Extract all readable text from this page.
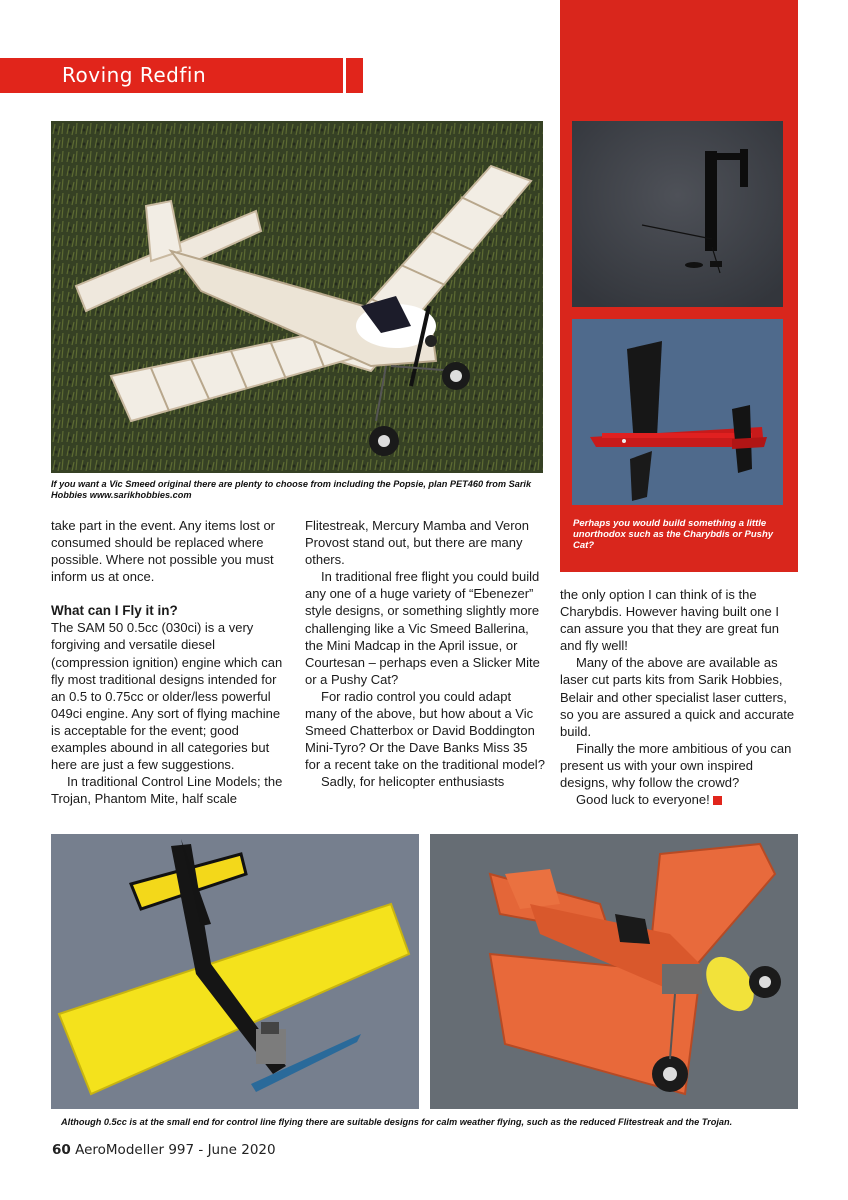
Roving Redfin
Perhaps you would build something a little unorthodox such as the Charybdis or Pushy Cat?
If you want a Vic Smeed original there are plenty to choose from including the Popsie, plan PET460 from Sarik Hobbies www.sarikhobbies.com

take part in the event. Any items lost or consumed should be replaced where possible. Where not possible you must inform us at once.

What can I Fly it in?

The SAM 50 0.5cc (030ci) is a very forgiving and versatile diesel (compression ignition) engine which can fly most traditional designs intended for an 0.5 to 0.75cc or older/less powerful 049ci engine. Any sort of flying machine is acceptable for the event; good examples abound in all categories but here are just a few suggestions.

In traditional Control Line Models; the Trojan, Phantom Mite, half scale

Flitestreak, Mercury Mamba and Veron Provost stand out, but there are many others.

In traditional free flight you could build any one of a huge variety of “Ebenezer” style designs, or something slightly more challenging like a Vic Smeed Ballerina, the Mini Madcap in the April issue, or Courtesan – perhaps even a Slicker Mite or a Pushy Cat?

For radio control you could adapt many of the above, but how about a Vic Smeed Chatterbox or David Boddington Mini-Tyro? Or the Dave Banks Miss 35 for a recent take on the traditional model?

Sadly, for helicopter enthusiasts

the only option I can think of is the Charybdis. However having built one I can assure you that they are great fun and fly well!

Many of the above are available as laser cut parts kits from Sarik Hobbies, Belair and other specialist laser cutters, so you are assured a quick and accurate build.

Finally the more ambitious of you can present us with your own inspired designs, why follow the crowd?

Good luck to everyone!

Although 0.5cc is at the small end for control line flying there are suitable designs for calm weather flying, such as the reduced Flitestreak and the Trojan.
60 AeroModeller 997 - June 2020
